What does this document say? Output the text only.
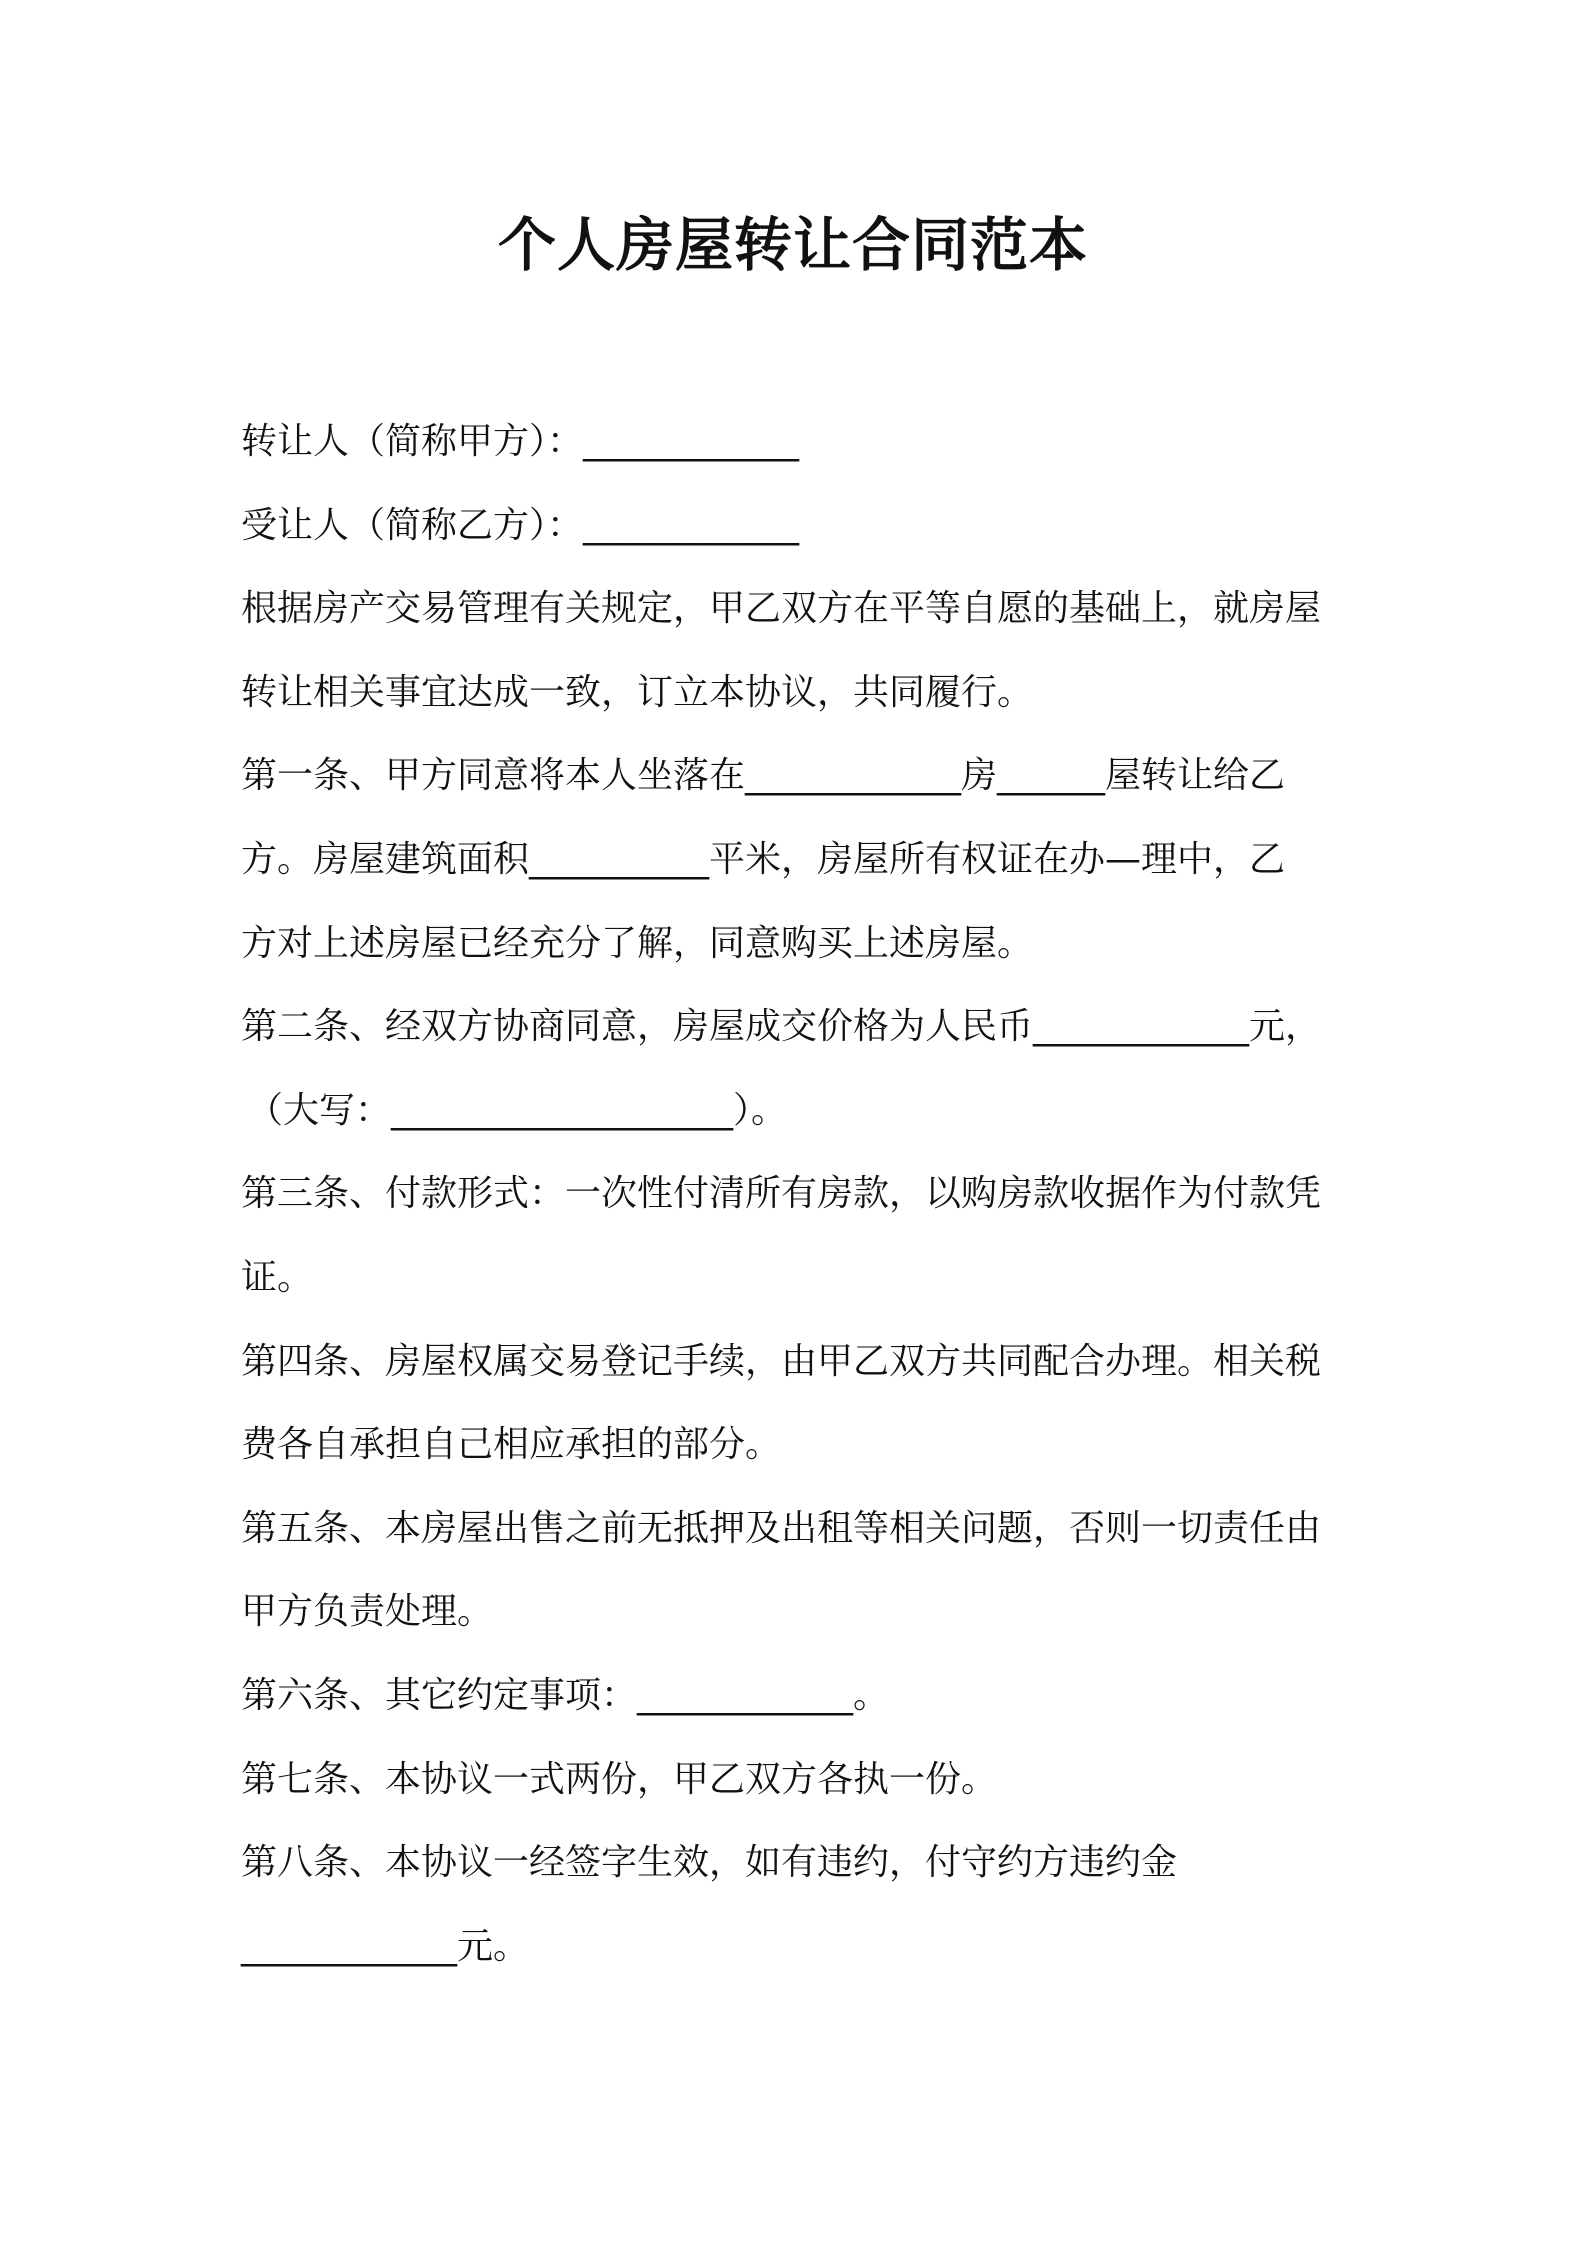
个人房屋转让合同范本
转让人（简称甲方）：____________
受让人（简称乙方）：____________
根据房产交易管理有关规定，甲乙双方在平等自愿的基础上，就房屋
转让相关事宜达成一致，订立本协议，共同履行。
第一条、甲方同意将本人坐落在____________房______屋转让给乙
方。房屋建筑面积__________平米，房屋所有权证在办—理中，乙
方对上述房屋已经充分了解，同意购买上述房屋。
第二条、经双方协商同意，房屋成交价格为人民币____________元，
（大写：___________________）。
第三条、付款形式：一次性付清所有房款，以购房款收据作为付款凭
证。
第四条、房屋权属交易登记手续，由甲乙双方共同配合办理。相关税
费各自承担自己相应承担的部分。
第五条、本房屋出售之前无抵押及出租等相关问题，否则一切责任由
甲方负责处理。
第六条、其它约定事项：____________。
第七条、本协议一式两份，甲乙双方各执一份。
第八条、本协议一经签字生效，如有违约，付守约方违约金
____________元。
